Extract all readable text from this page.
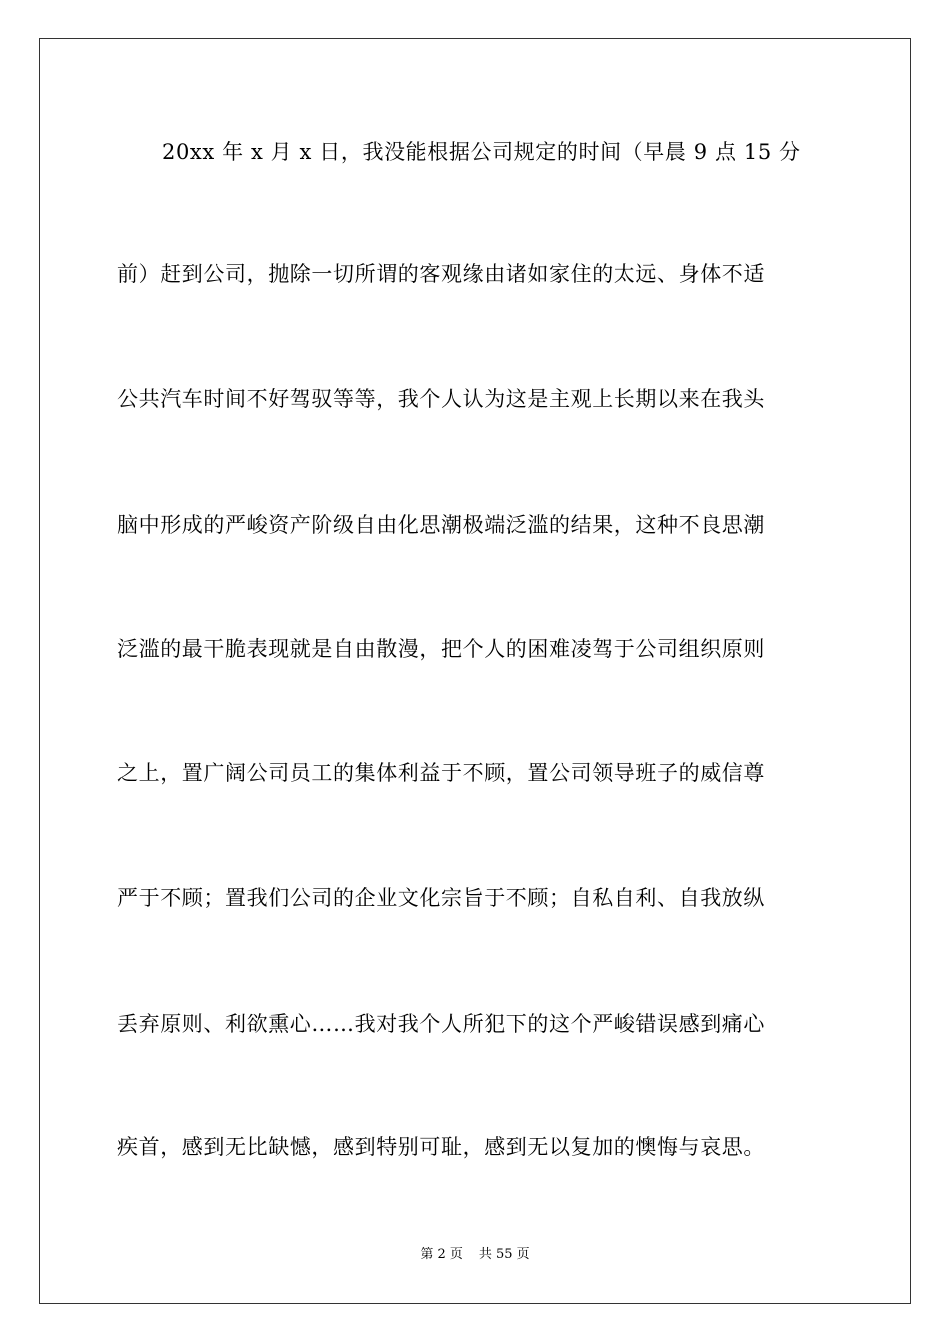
20xx 年 x 月 x 日，我没能根据公司规定的时间（早晨 9 点 15 分
前）赶到公司，抛除一切所谓的客观缘由诸如家住的太远、身体不适
公共汽车时间不好驾驭等等，我个人认为这是主观上长期以来在我头
脑中形成的严峻资产阶级自由化思潮极端泛滥的结果，这种不良思潮
泛滥的最干脆表现就是自由散漫，把个人的困难凌驾于公司组织原则
之上，置广阔公司员工的集体利益于不顾，置公司领导班子的威信尊
严于不顾；置我们公司的企业文化宗旨于不顾；自私自利、自我放纵
丢弃原则、利欲熏心……我对我个人所犯下的这个严峻错误感到痛心
疾首，感到无比缺憾，感到特别可耻，感到无以复加的懊悔与哀思。
第 2 页 共 55 页
